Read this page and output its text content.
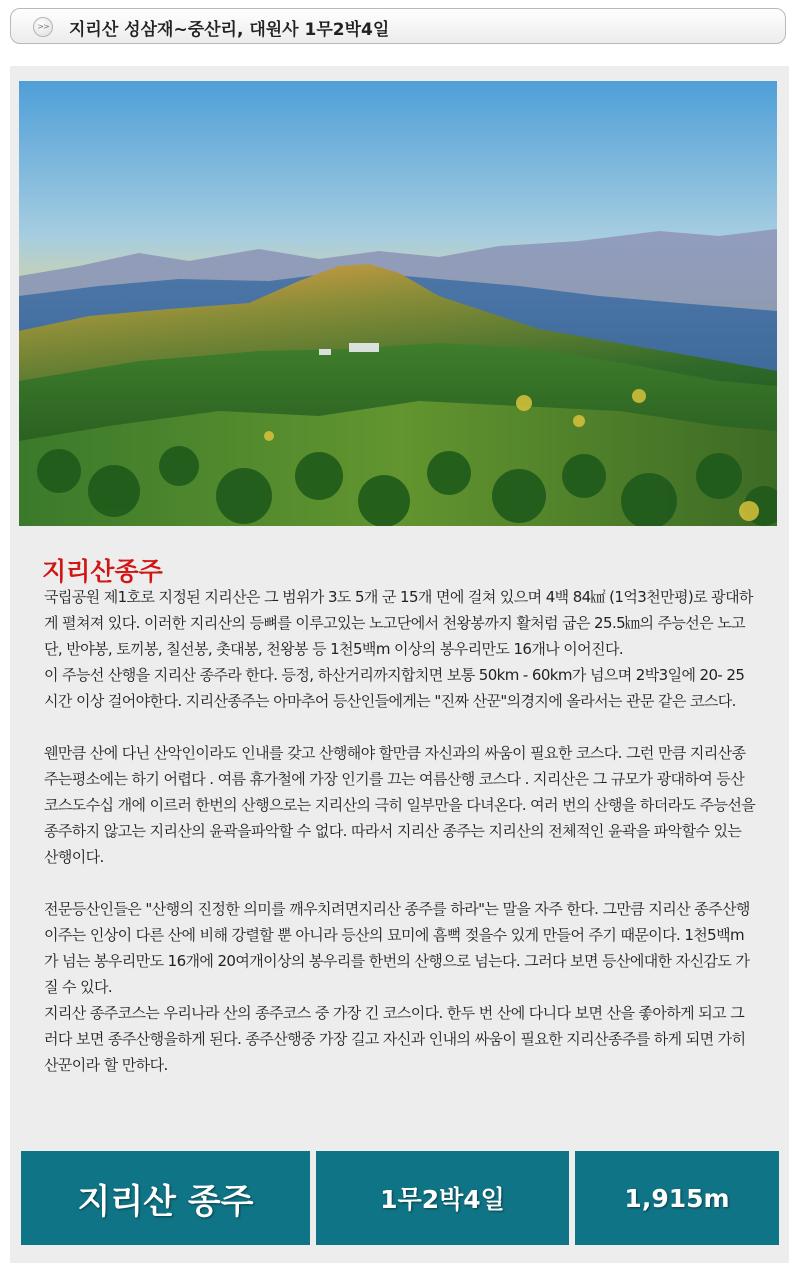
>> 지리산 성삼재~중산리, 대원사 1무2박4일
지리산종주

국립공원 제1호로 지정된 지리산은 그 범위가 3도 5개 군 15개 면에 걸쳐 있으며 4백 84㎢ (1억3천만평)로 광대하게 펼쳐져 있다. 이러한 지리산의 등뼈를 이루고있는 노고단에서 천왕봉까지 활처럼 굽은 25.5㎞의 주능선은 노고단, 반야봉, 토끼봉, 칠선봉, 촛대봉, 천왕봉 등 1천5백m 이상의 봉우리만도 16개나 이어진다.

이 주능선 산행을 지리산 종주라 한다. 등정, 하산거리까지합치면 보통 50km - 60km가 넘으며 2박3일에 20- 25시간 이상 걸어야한다. 지리산종주는 아마추어 등산인들에게는 "진짜 산꾼"의경지에 올라서는 관문 같은 코스다.

웬만큼 산에 다닌 산악인이라도 인내를 갖고 산행해야 할만큼 자신과의 싸움이 필요한 코스다. 그런 만큼 지리산종주는평소에는 하기 어렵다 . 여름 휴가철에 가장 인기를 끄는 여름산행 코스다 . 지리산은 그 규모가 광대하여 등산코스도수십 개에 이르러 한번의 산행으로는 지리산의 극히 일부만을 다녀온다. 여러 번의 산행을 하더라도 주능선을 종주하지 않고는 지리산의 윤곽을파악할 수 없다. 따라서 지리산 종주는 지리산의 전체적인 윤곽을 파악할수 있는 산행이다.

전문등산인들은 "산행의 진정한 의미를 깨우치려면지리산 종주를 하라"는 말을 자주 한다. 그만큼 지리산 종주산행이주는 인상이 다른 산에 비해 강렬할 뿐 아니라 등산의 묘미에 흠뻑 젖을수 있게 만들어 주기 때문이다. 1천5백m가 넘는 봉우리만도 16개에 20여개이상의 봉우리를 한번의 산행으로 넘는다. 그러다 보면 등산에대한 자신감도 가질 수 있다.

지리산 종주코스는 우리나라 산의 종주코스 중 가장 긴 코스이다. 한두 번 산에 다니다 보면 산을 좋아하게 되고 그러다 보면 종주산행을하게 된다. 종주산행중 가장 길고 자신과 인내의 싸움이 필요한 지리산종주를 하게 되면 가히 산꾼이라 할 만하다.

지리산 종주	1무2박4일	1,915m
